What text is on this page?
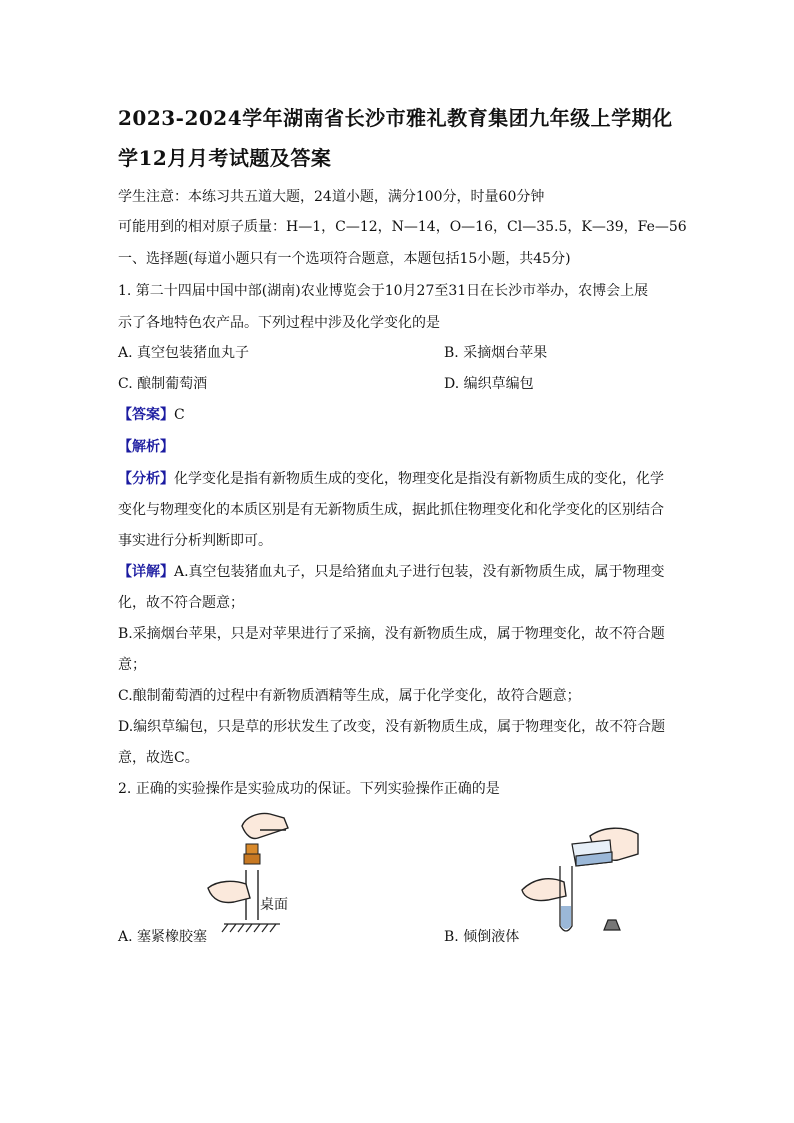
2023-2024学年湖南省长沙市雅礼教育集团九年级上学期化
学12月月考试题及答案
学生注意：本练习共五道大题，24道小题，满分100分，时量60分钟
可能用到的相对原子质量：H—1，C—12，N—14，O—16，Cl—35.5，K—39，Fe—56
一、选择题(每道小题只有一个选项符合题意，本题包括15小题，共45分)
1. 第二十四届中国中部(湖南)农业博览会于10月27至31日在长沙市举办，农博会上展
示了各地特色农产品。下列过程中涉及化学变化的是
A. 真空包装猪血丸子	B. 采摘烟台苹果
C. 酿制葡萄酒	D. 编织草编包
【答案】C
【解析】
【分析】化学变化是指有新物质生成的变化，物理变化是指没有新物质生成的变化，化学
变化与物理变化的本质区别是有无新物质生成，据此抓住物理变化和化学变化的区别结合
事实进行分析判断即可。
【详解】A.真空包装猪血丸子，只是给猪血丸子进行包装，没有新物质生成，属于物理变
化，故不符合题意；
B.采摘烟台苹果，只是对苹果进行了采摘，没有新物质生成，属于物理变化，故不符合题
意；
C.酿制葡萄酒的过程中有新物质酒精等生成，属于化学变化，故符合题意；
D.编织草编包，只是草的形状发生了改变，没有新物质生成，属于物理变化，故不符合题
意，故选C。
2. 正确的实验操作是实验成功的保证。下列实验操作正确的是
桌面
A. 塞紧橡胶塞	B. 倾倒液体
